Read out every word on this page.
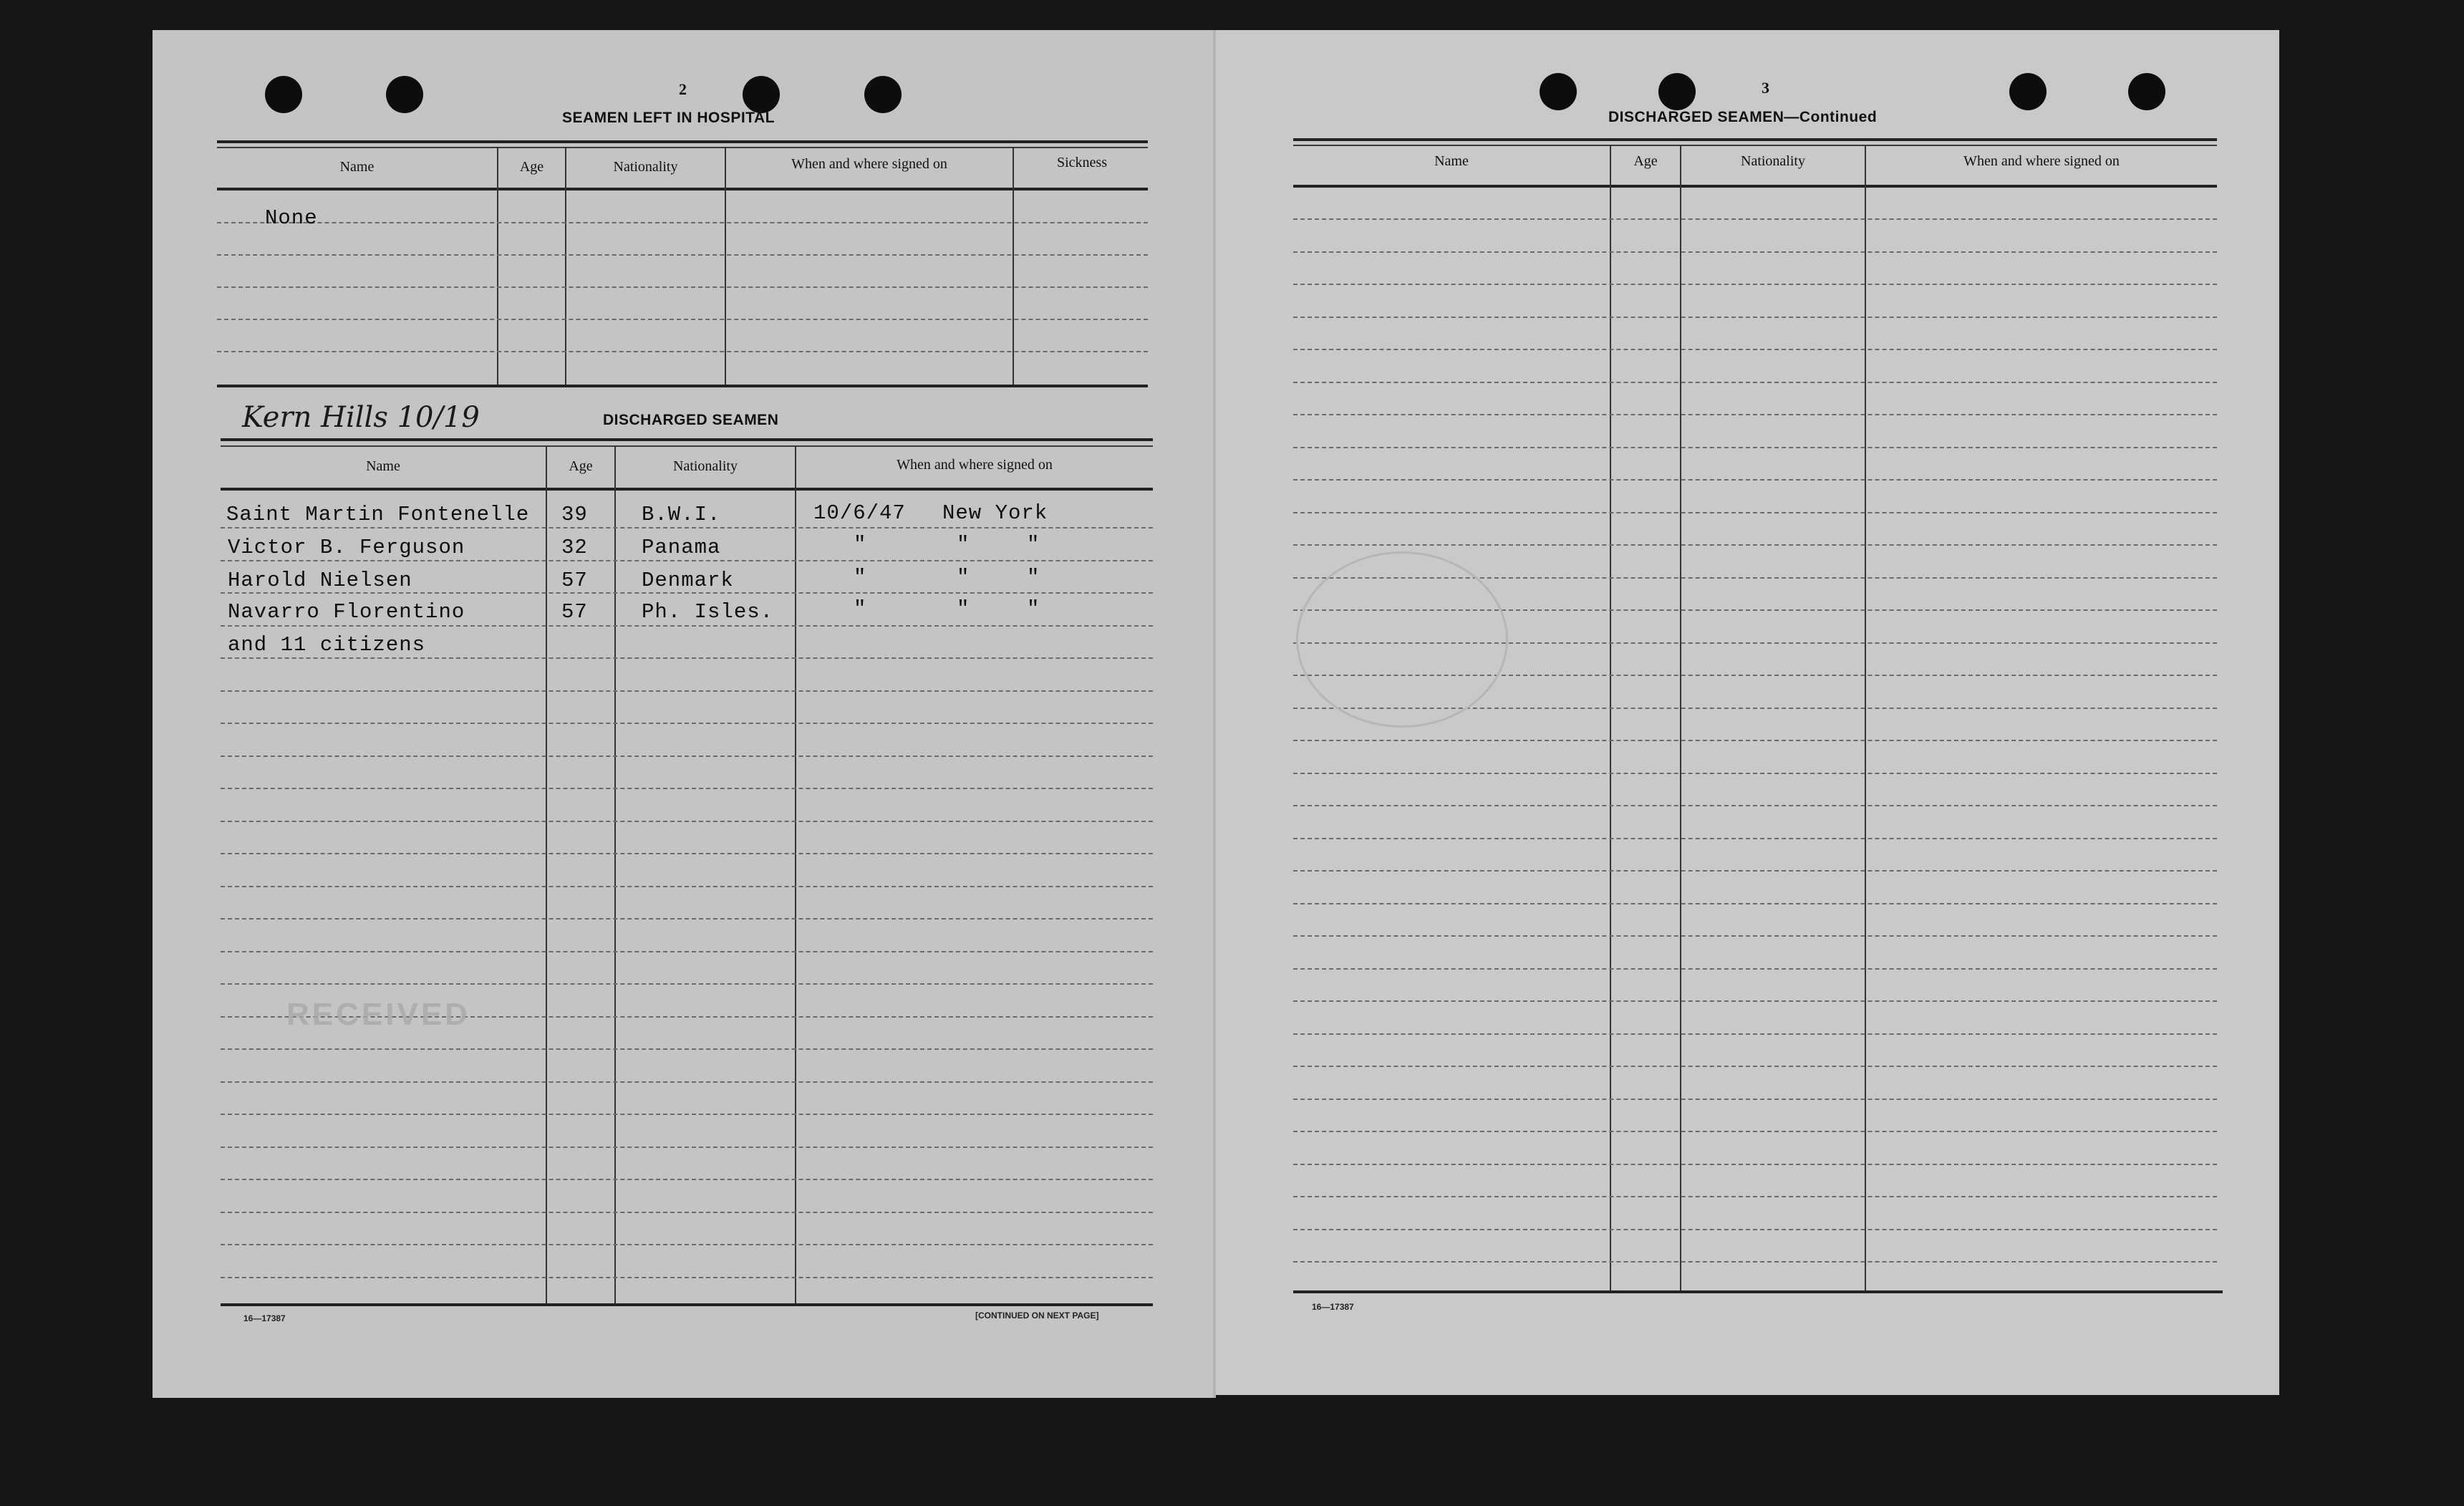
2
SEAMEN LEFT IN HOSPITAL
Name	Age	Nationality	When and where signed on	Sickness
None
Kern Hills 10/19	DISCHARGED SEAMEN
Name	Age	Nationality	When and where signed on
Saint Martin Fontenelle 39	B.W.I.	10/6/47 New York
Victor B. Ferguson	32	Panama	"	"	"
Harold Nielsen	57	Denmark	"	"	"
Navarro Florentino	57	Ph. Isles.	"	"	"
and 11 citizens
RECEIVED
16—17387	[CONTINUED ON NEXT PAGE]
3
DISCHARGED SEAMEN—Continued
Name	Age	Nationality	When and where signed on
16—17387
